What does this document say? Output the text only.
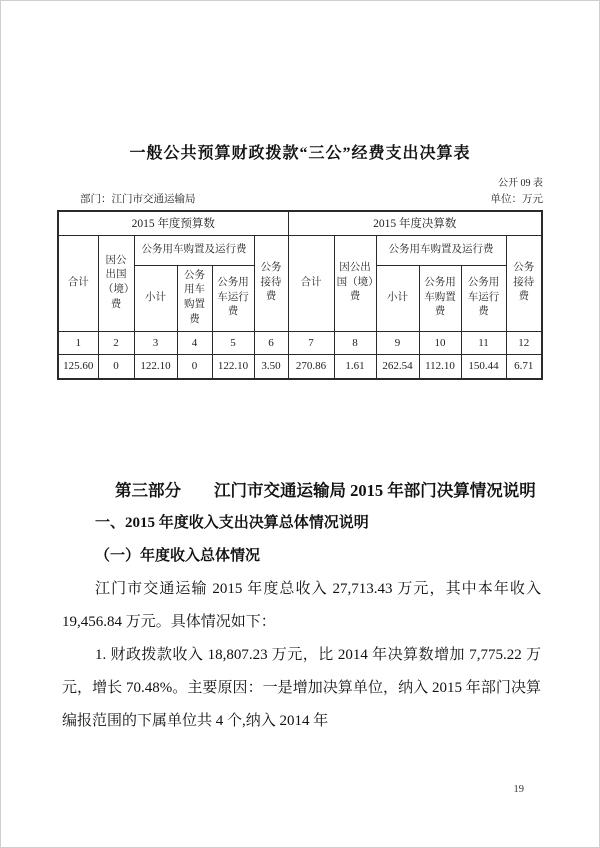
一般公共预算财政拨款“三公”经费支出决算表
公开 09 表
部门：江门市交通运输局	单位：万元
2015 年度预算数						2015 年度决算数					
合计	因公出国（境）费	公务用车购置及运行费			公务接待费	合计	因公出国（境）费	公务用车购置及运行费			公务接待费
		小计	公务用车购置费	公务用车运行费				小计	公务用车购置费	公务用车运行费	
1	2	3	4	5	6	7	8	9	10	11	12
125.60	0	122.10	0	122.10	3.50	270.86	1.61	262.54	112.10	150.44	6.71
第三部分　　江门市交通运输局 2015 年部门决算情况说明
一、2015 年度收入支出决算总体情况说明
（一）年度收入总体情况
江门市交通运输 2015 年度总收入 27,713.43 万元，其中本年收入 19,456.84 万元。具体情况如下：
1. 财政拨款收入 18,807.23 万元，比 2014 年决算数增加 7,775.22 万元，增长 70.48%。主要原因：一是增加决算单位，纳入 2015 年部门决算编报范围的下属单位共 4 个,纳入 2014 年
19
